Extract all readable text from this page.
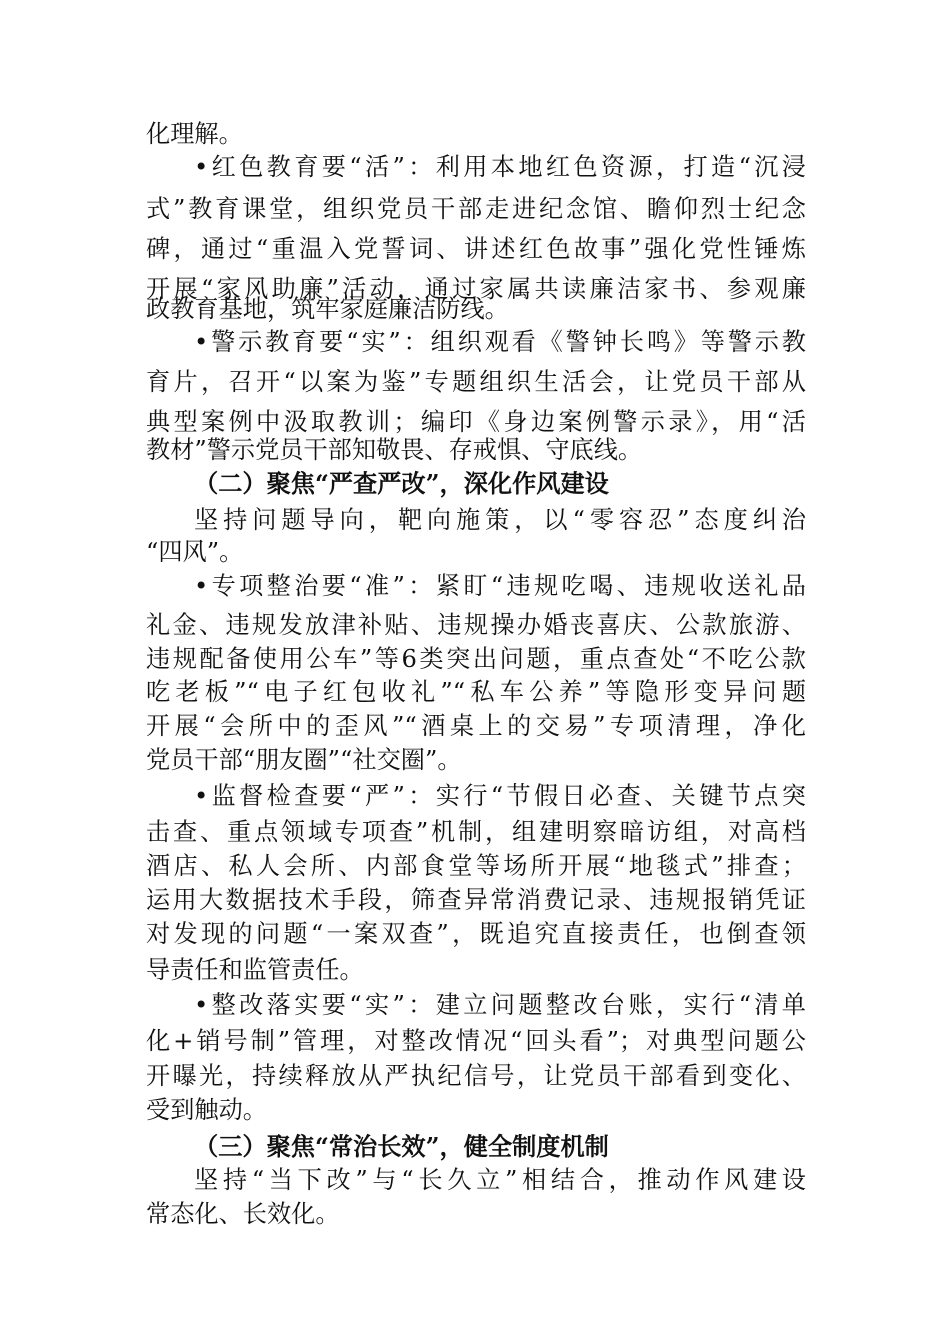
化理解。
•红色教育要“活”：利用本地红色资源，打造“沉浸
式”教育课堂，组织党员干部走进纪念馆、瞻仰烈士纪念
碑，通过“重温入党誓词、讲述红色故事”强化党性锤炼
开展“家风助廉”活动，通过家属共读廉洁家书、参观廉
政教育基地，筑牢家庭廉洁防线。
•警示教育要“实”：组织观看《警钟长鸣》等警示教
育片，召开“以案为鉴”专题组织生活会，让党员干部从
典型案例中汲取教训；编印《身边案例警示录》，用“活
教材”警示党员干部知敬畏、存戒惧、守底线。
（二）聚焦“严查严改”，深化作风建设
坚持问题导向，靶向施策，以“零容忍”态度纠治
“四风”。
•专项整治要“准”：紧盯“违规吃喝、违规收送礼品
礼金、违规发放津补贴、违规操办婚丧喜庆、公款旅游、
违规配备使用公车”等6类突出问题，重点查处“不吃公款
吃老板”“电子红包收礼”“私车公养”等隐形变异问题
开展“会所中的歪风”“酒桌上的交易”专项清理，净化
党员干部“朋友圈”“社交圈”。
•监督检查要“严”：实行“节假日必查、关键节点突
击查、重点领域专项查”机制，组建明察暗访组，对高档
酒店、私人会所、内部食堂等场所开展“地毯式”排查；
运用大数据技术手段，筛查异常消费记录、违规报销凭证
对发现的问题“一案双查”，既追究直接责任，也倒查领
导责任和监管责任。
•整改落实要“实”：建立问题整改台账，实行“清单
化+销号制”管理，对整改情况“回头看”；对典型问题公
开曝光，持续释放从严执纪信号，让党员干部看到变化、
受到触动。
（三）聚焦“常治长效”，健全制度机制
坚持“当下改”与“长久立”相结合，推动作风建设
常态化、长效化。
